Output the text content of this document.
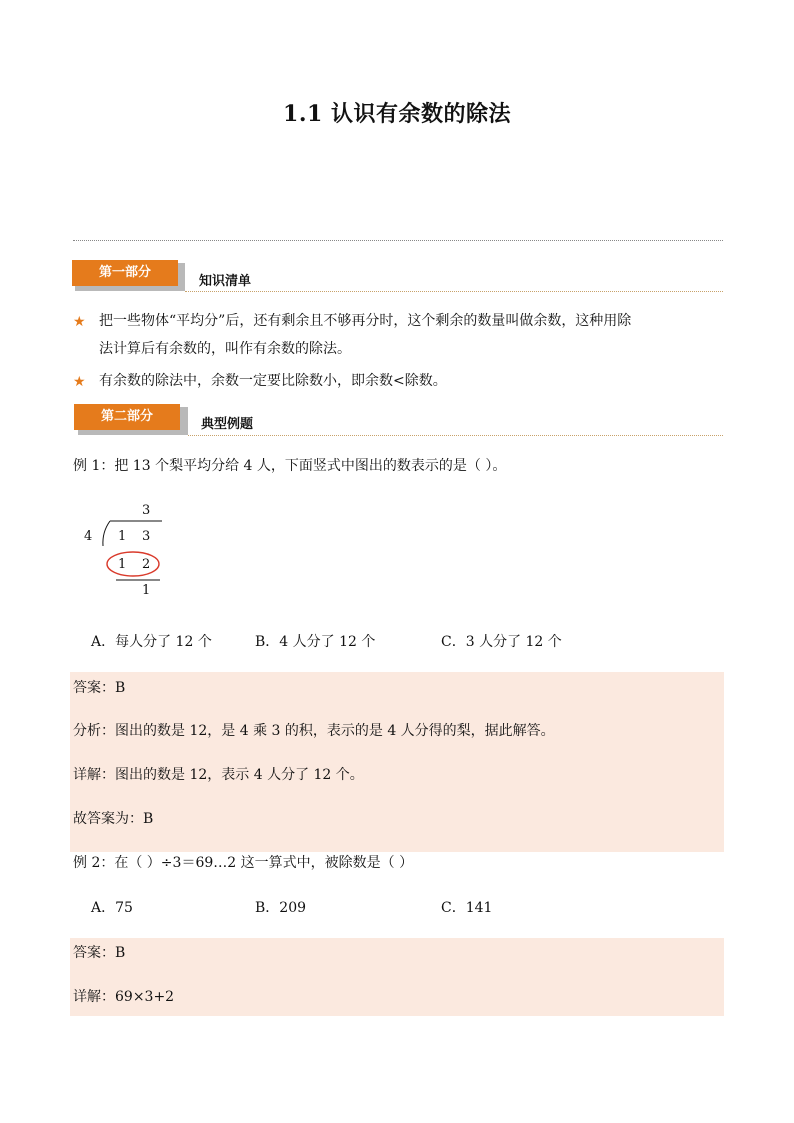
1.1 认识有余数的除法
第一部分
知识清单
★ 把一些物体“平均分”后，还有剩余且不够再分时，这个剩余的数量叫做余数，这种用除
法计算后有余数的，叫作有余数的除法。
★ 有余数的除法中，余数一定要比除数小，即余数<除数。
第二部分
典型例题
例 1：把 13 个梨平均分给 4 人，下面竖式中图出的数表示的是（ ）。
3
4 1 3
1 2
1
A．每人分了 12 个	B．4 人分了 12 个	C．3 人分了 12 个
答案：B
分析：图出的数是 12，是 4 乘 3 的积，表示的是 4 人分得的梨，据此解答。
详解：图出的数是 12，表示 4 人分了 12 个。
故答案为：B
例 2：在（ ）÷3＝69…2 这一算式中，被除数是（ ）
A．75	B．209	C．141
答案：B
详解：69×3+2
